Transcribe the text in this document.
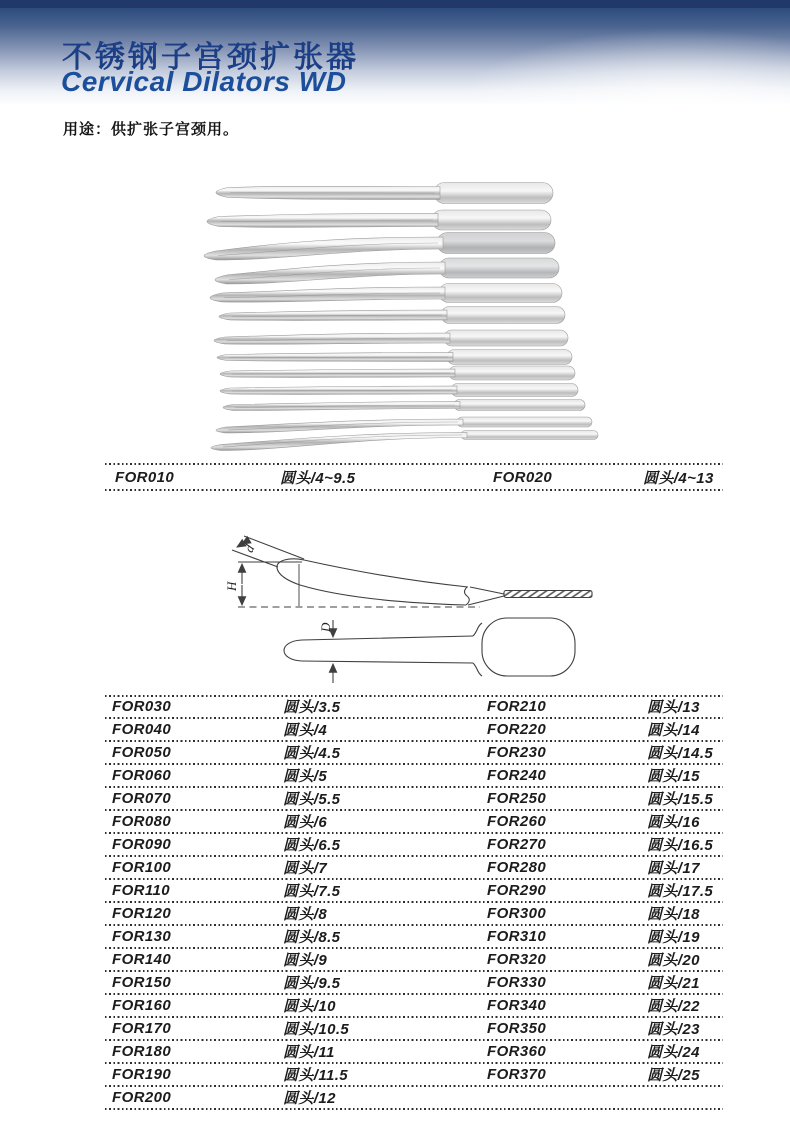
不锈钢子宫颈扩张器
Cervical Dilators WD
用途：供扩张子宫颈用。
FOR010	圆头/4~9.5	FOR020	圆头/4~13
d
H
D
FOR030	圆头/3.5	FOR210	圆头/13
FOR040	圆头/4	FOR220	圆头/14
FOR050	圆头/4.5	FOR230	圆头/14.5
FOR060	圆头/5	FOR240	圆头/15
FOR070	圆头/5.5	FOR250	圆头/15.5
FOR080	圆头/6	FOR260	圆头/16
FOR090	圆头/6.5	FOR270	圆头/16.5
FOR100	圆头/7	FOR280	圆头/17
FOR110	圆头/7.5	FOR290	圆头/17.5
FOR120	圆头/8	FOR300	圆头/18
FOR130	圆头/8.5	FOR310	圆头/19
FOR140	圆头/9	FOR320	圆头/20
FOR150	圆头/9.5	FOR330	圆头/21
FOR160	圆头/10	FOR340	圆头/22
FOR170	圆头/10.5	FOR350	圆头/23
FOR180	圆头/11	FOR360	圆头/24
FOR190	圆头/11.5	FOR370	圆头/25
FOR200	圆头/12
